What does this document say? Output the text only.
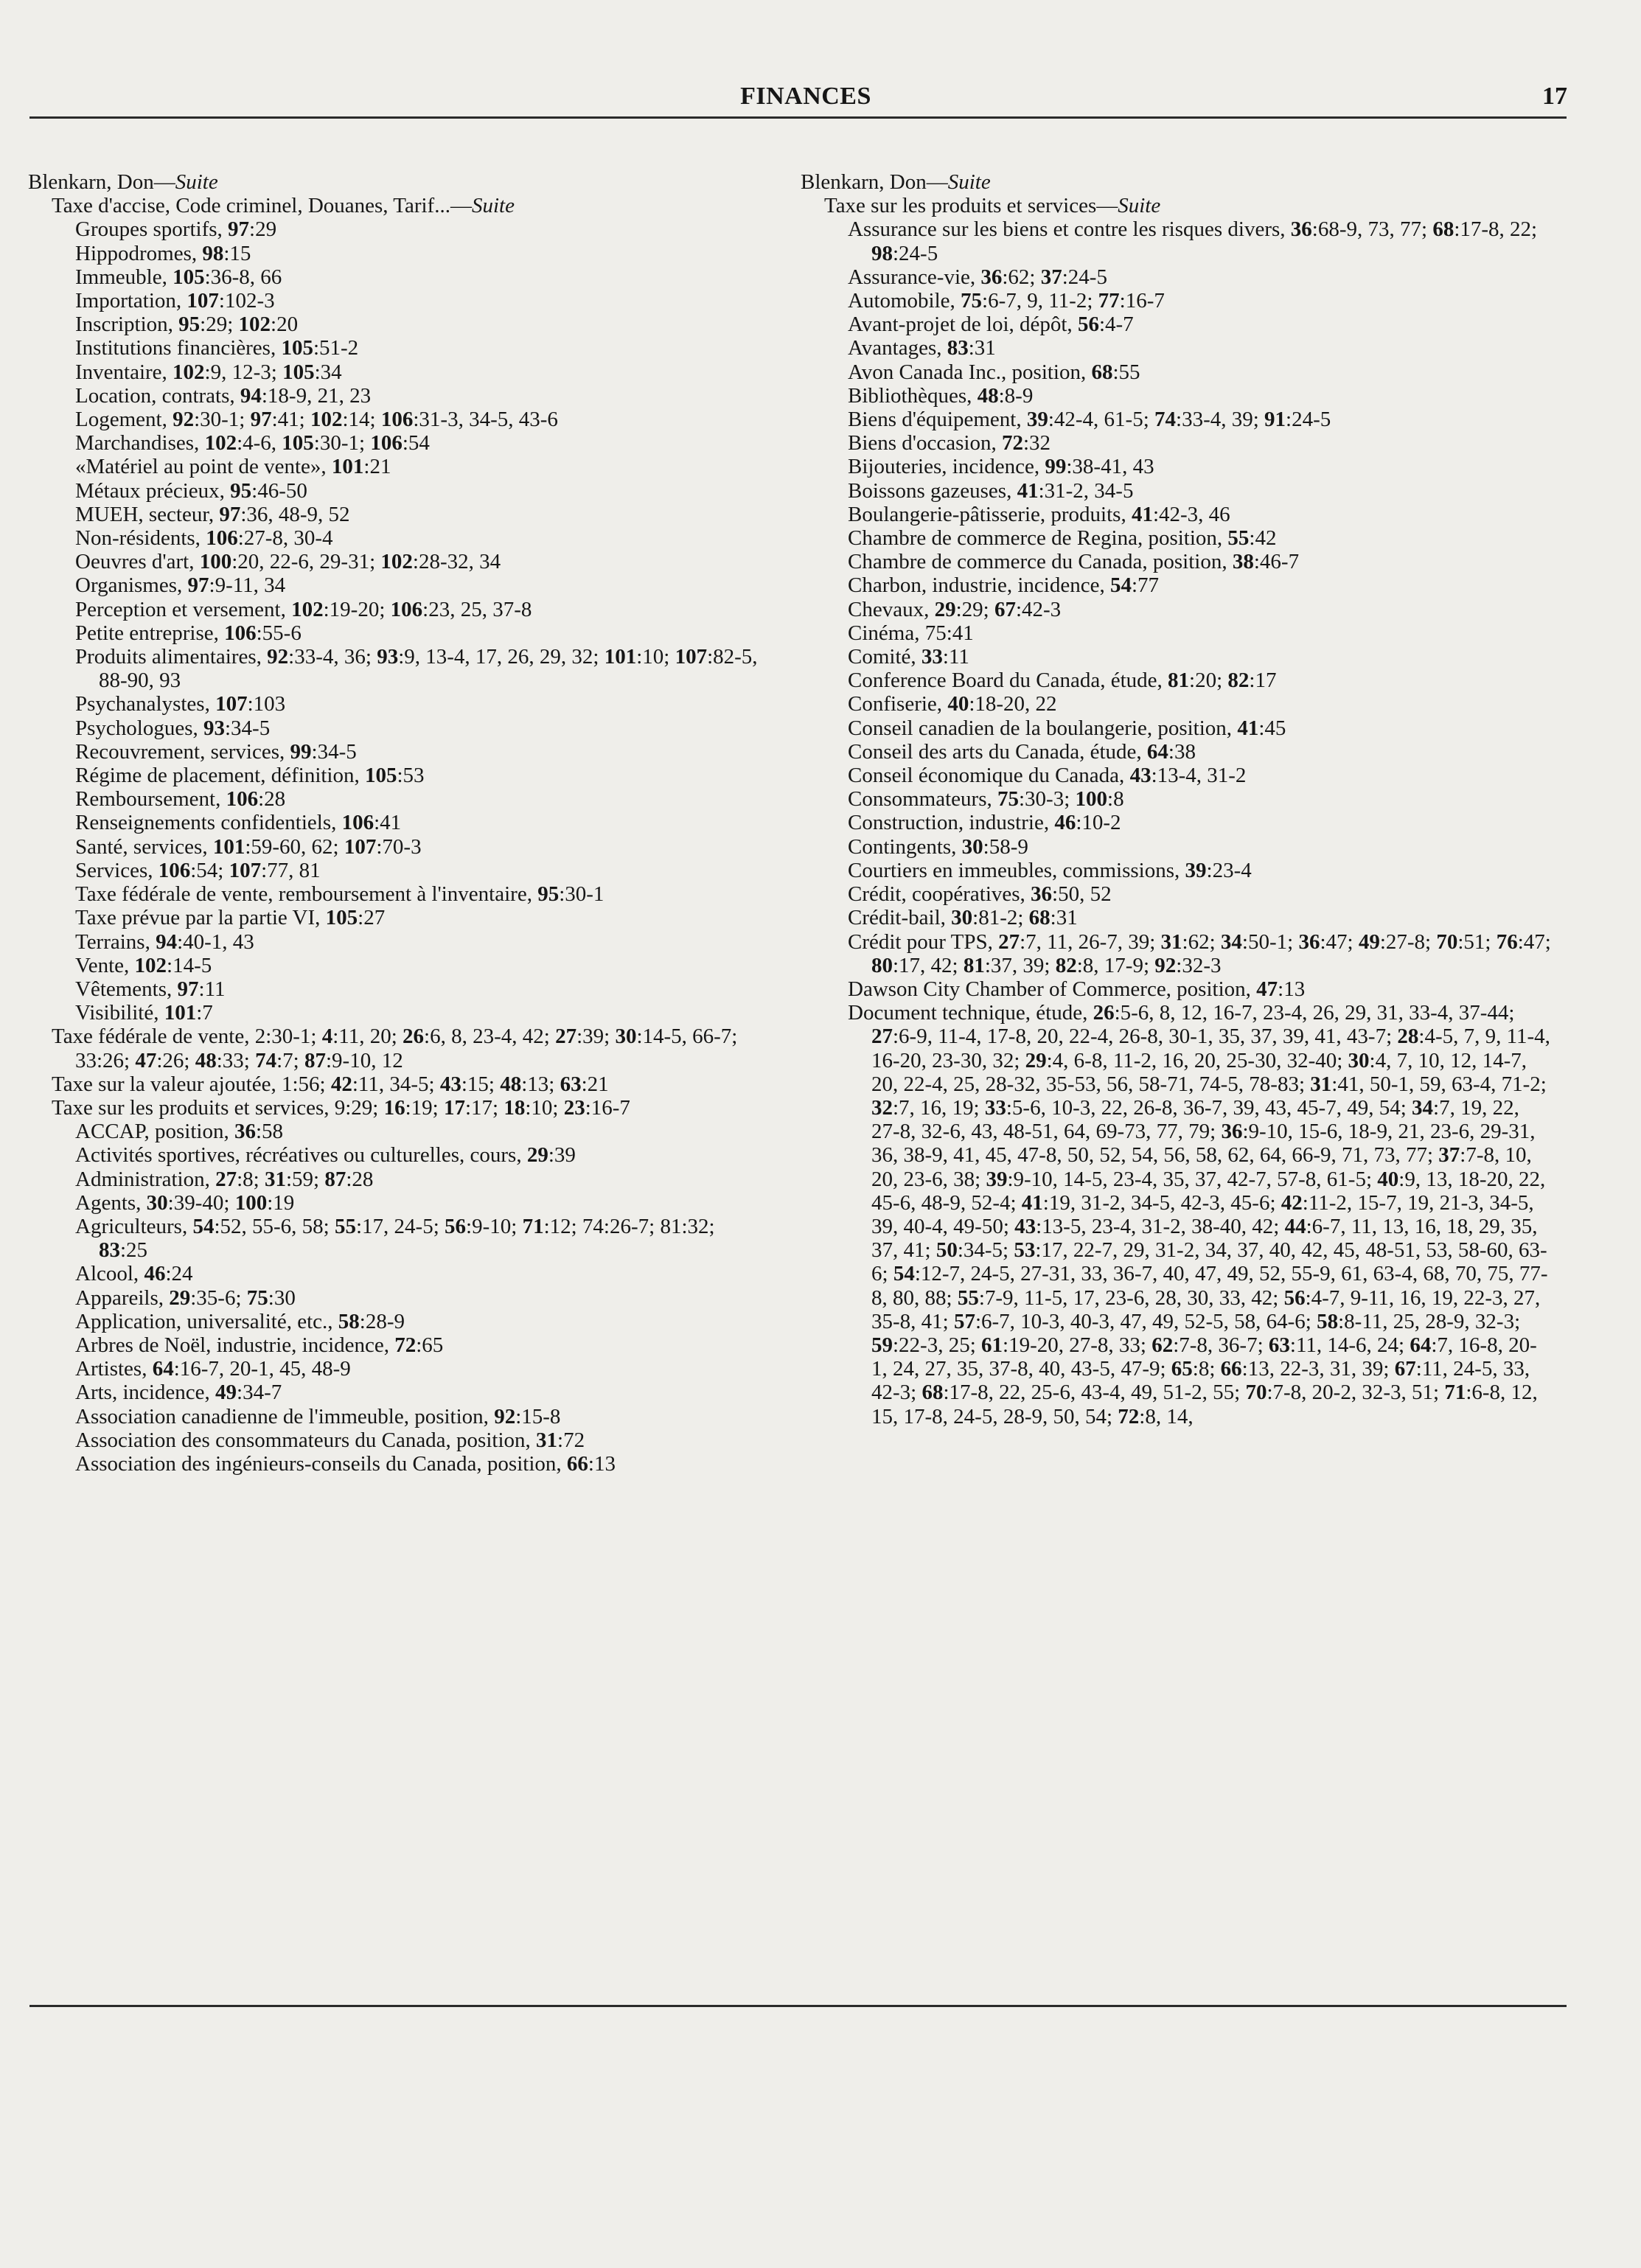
FINANCES	17
Blenkarn, Don—Suite
Taxe d'accise, Code criminel, Douanes, Tarif...—Suite
Groupes sportifs, 97:29
Hippodromes, 98:15
Immeuble, 105:36-8, 66
Importation, 107:102-3
Inscription, 95:29; 102:20
Institutions financières, 105:51-2
Inventaire, 102:9, 12-3; 105:34
Location, contrats, 94:18-9, 21, 23
Logement, 92:30-1; 97:41; 102:14; 106:31-3, 34-5, 43-6
Marchandises, 102:4-6, 105:30-1; 106:54
«Matériel au point de vente», 101:21
Métaux précieux, 95:46-50
MUEH, secteur, 97:36, 48-9, 52
Non-résidents, 106:27-8, 30-4
Oeuvres d'art, 100:20, 22-6, 29-31; 102:28-32, 34
Organismes, 97:9-11, 34
Perception et versement, 102:19-20; 106:23, 25, 37-8
Petite entreprise, 106:55-6
Produits alimentaires, 92:33-4, 36; 93:9, 13-4, 17, 26, 29, 32; 101:10; 107:82-5, 88-90, 93
Psychanalystes, 107:103
Psychologues, 93:34-5
Recouvrement, services, 99:34-5
Régime de placement, définition, 105:53
Remboursement, 106:28
Renseignements confidentiels, 106:41
Santé, services, 101:59-60, 62; 107:70-3
Services, 106:54; 107:77, 81
Taxe fédérale de vente, remboursement à l'inventaire, 95:30-1
Taxe prévue par la partie VI, 105:27
Terrains, 94:40-1, 43
Vente, 102:14-5
Vêtements, 97:11
Visibilité, 101:7
Taxe fédérale de vente, 2:30-1; 4:11, 20; 26:6, 8, 23-4, 42; 27:39; 30:14-5, 66-7; 33:26; 47:26; 48:33; 74:7; 87:9-10, 12
Taxe sur la valeur ajoutée, 1:56; 42:11, 34-5; 43:15; 48:13; 63:21
Taxe sur les produits et services, 9:29; 16:19; 17:17; 18:10; 23:16-7
ACCAP, position, 36:58
Activités sportives, récréatives ou culturelles, cours, 29:39
Administration, 27:8; 31:59; 87:28
Agents, 30:39-40; 100:19
Agriculteurs, 54:52, 55-6, 58; 55:17, 24-5; 56:9-10; 71:12; 74:26-7; 81:32; 83:25
Alcool, 46:24
Appareils, 29:35-6; 75:30
Application, universalité, etc., 58:28-9
Arbres de Noël, industrie, incidence, 72:65
Artistes, 64:16-7, 20-1, 45, 48-9
Arts, incidence, 49:34-7
Association canadienne de l'immeuble, position, 92:15-8
Association des consommateurs du Canada, position, 31:72
Association des ingénieurs-conseils du Canada, position, 66:13
Blenkarn, Don—Suite
Taxe sur les produits et services—Suite
Assurance sur les biens et contre les risques divers, 36:68-9, 73, 77; 68:17-8, 22; 98:24-5
Assurance-vie, 36:62; 37:24-5
Automobile, 75:6-7, 9, 11-2; 77:16-7
Avant-projet de loi, dépôt, 56:4-7
Avantages, 83:31
Avon Canada Inc., position, 68:55
Bibliothèques, 48:8-9
Biens d'équipement, 39:42-4, 61-5; 74:33-4, 39; 91:24-5
Biens d'occasion, 72:32
Bijouteries, incidence, 99:38-41, 43
Boissons gazeuses, 41:31-2, 34-5
Boulangerie-pâtisserie, produits, 41:42-3, 46
Chambre de commerce de Regina, position, 55:42
Chambre de commerce du Canada, position, 38:46-7
Charbon, industrie, incidence, 54:77
Chevaux, 29:29; 67:42-3
Cinéma, 75:41
Comité, 33:11
Conference Board du Canada, étude, 81:20; 82:17
Confiserie, 40:18-20, 22
Conseil canadien de la boulangerie, position, 41:45
Conseil des arts du Canada, étude, 64:38
Conseil économique du Canada, 43:13-4, 31-2
Consommateurs, 75:30-3; 100:8
Construction, industrie, 46:10-2
Contingents, 30:58-9
Courtiers en immeubles, commissions, 39:23-4
Crédit, coopératives, 36:50, 52
Crédit-bail, 30:81-2; 68:31
Crédit pour TPS, 27:7, 11, 26-7, 39; 31:62; 34:50-1; 36:47; 49:27-8; 70:51; 76:47; 80:17, 42; 81:37, 39; 82:8, 17-9; 92:32-3
Dawson City Chamber of Commerce, position, 47:13
Document technique, étude, 26:5-6, 8, 12, 16-7, 23-4, 26, 29, 31, 33-4, 37-44; 27:6-9, 11-4, 17-8, 20, 22-4, 26-8, 30-1, 35, 37, 39, 41, 43-7; 28:4-5, 7, 9, 11-4, 16-20, 23-30, 32; 29:4, 6-8, 11-2, 16, 20, 25-30, 32-40; 30:4, 7, 10, 12, 14-7, 20, 22-4, 25, 28-32, 35-53, 56, 58-71, 74-5, 78-83; 31:41, 50-1, 59, 63-4, 71-2; 32:7, 16, 19; 33:5-6, 10-3, 22, 26-8, 36-7, 39, 43, 45-7, 49, 54; 34:7, 19, 22, 27-8, 32-6, 43, 48-51, 64, 69-73, 77, 79; 36:9-10, 15-6, 18-9, 21, 23-6, 29-31, 36, 38-9, 41, 45, 47-8, 50, 52, 54, 56, 58, 62, 64, 66-9, 71, 73, 77; 37:7-8, 10, 20, 23-6, 38; 39:9-10, 14-5, 23-4, 35, 37, 42-7, 57-8, 61-5; 40:9, 13, 18-20, 22, 45-6, 48-9, 52-4; 41:19, 31-2, 34-5, 42-3, 45-6; 42:11-2, 15-7, 19, 21-3, 34-5, 39, 40-4, 49-50; 43:13-5, 23-4, 31-2, 38-40, 42; 44:6-7, 11, 13, 16, 18, 29, 35, 37, 41; 50:34-5; 53:17, 22-7, 29, 31-2, 34, 37, 40, 42, 45, 48-51, 53, 58-60, 63-6; 54:12-7, 24-5, 27-31, 33, 36-7, 40, 47, 49, 52, 55-9, 61, 63-4, 68, 70, 75, 77-8, 80, 88; 55:7-9, 11-5, 17, 23-6, 28, 30, 33, 42; 56:4-7, 9-11, 16, 19, 22-3, 27, 35-8, 41; 57:6-7, 10-3, 40-3, 47, 49, 52-5, 58, 64-6; 58:8-11, 25, 28-9, 32-3; 59:22-3, 25; 61:19-20, 27-8, 33; 62:7-8, 36-7; 63:11, 14-6, 24; 64:7, 16-8, 20-1, 24, 27, 35, 37-8, 40, 43-5, 47-9; 65:8; 66:13, 22-3, 31, 39; 67:11, 24-5, 33, 42-3; 68:17-8, 22, 25-6, 43-4, 49, 51-2, 55; 70:7-8, 20-2, 32-3, 51; 71:6-8, 12, 15, 17-8, 24-5, 28-9, 50, 54; 72:8, 14,
